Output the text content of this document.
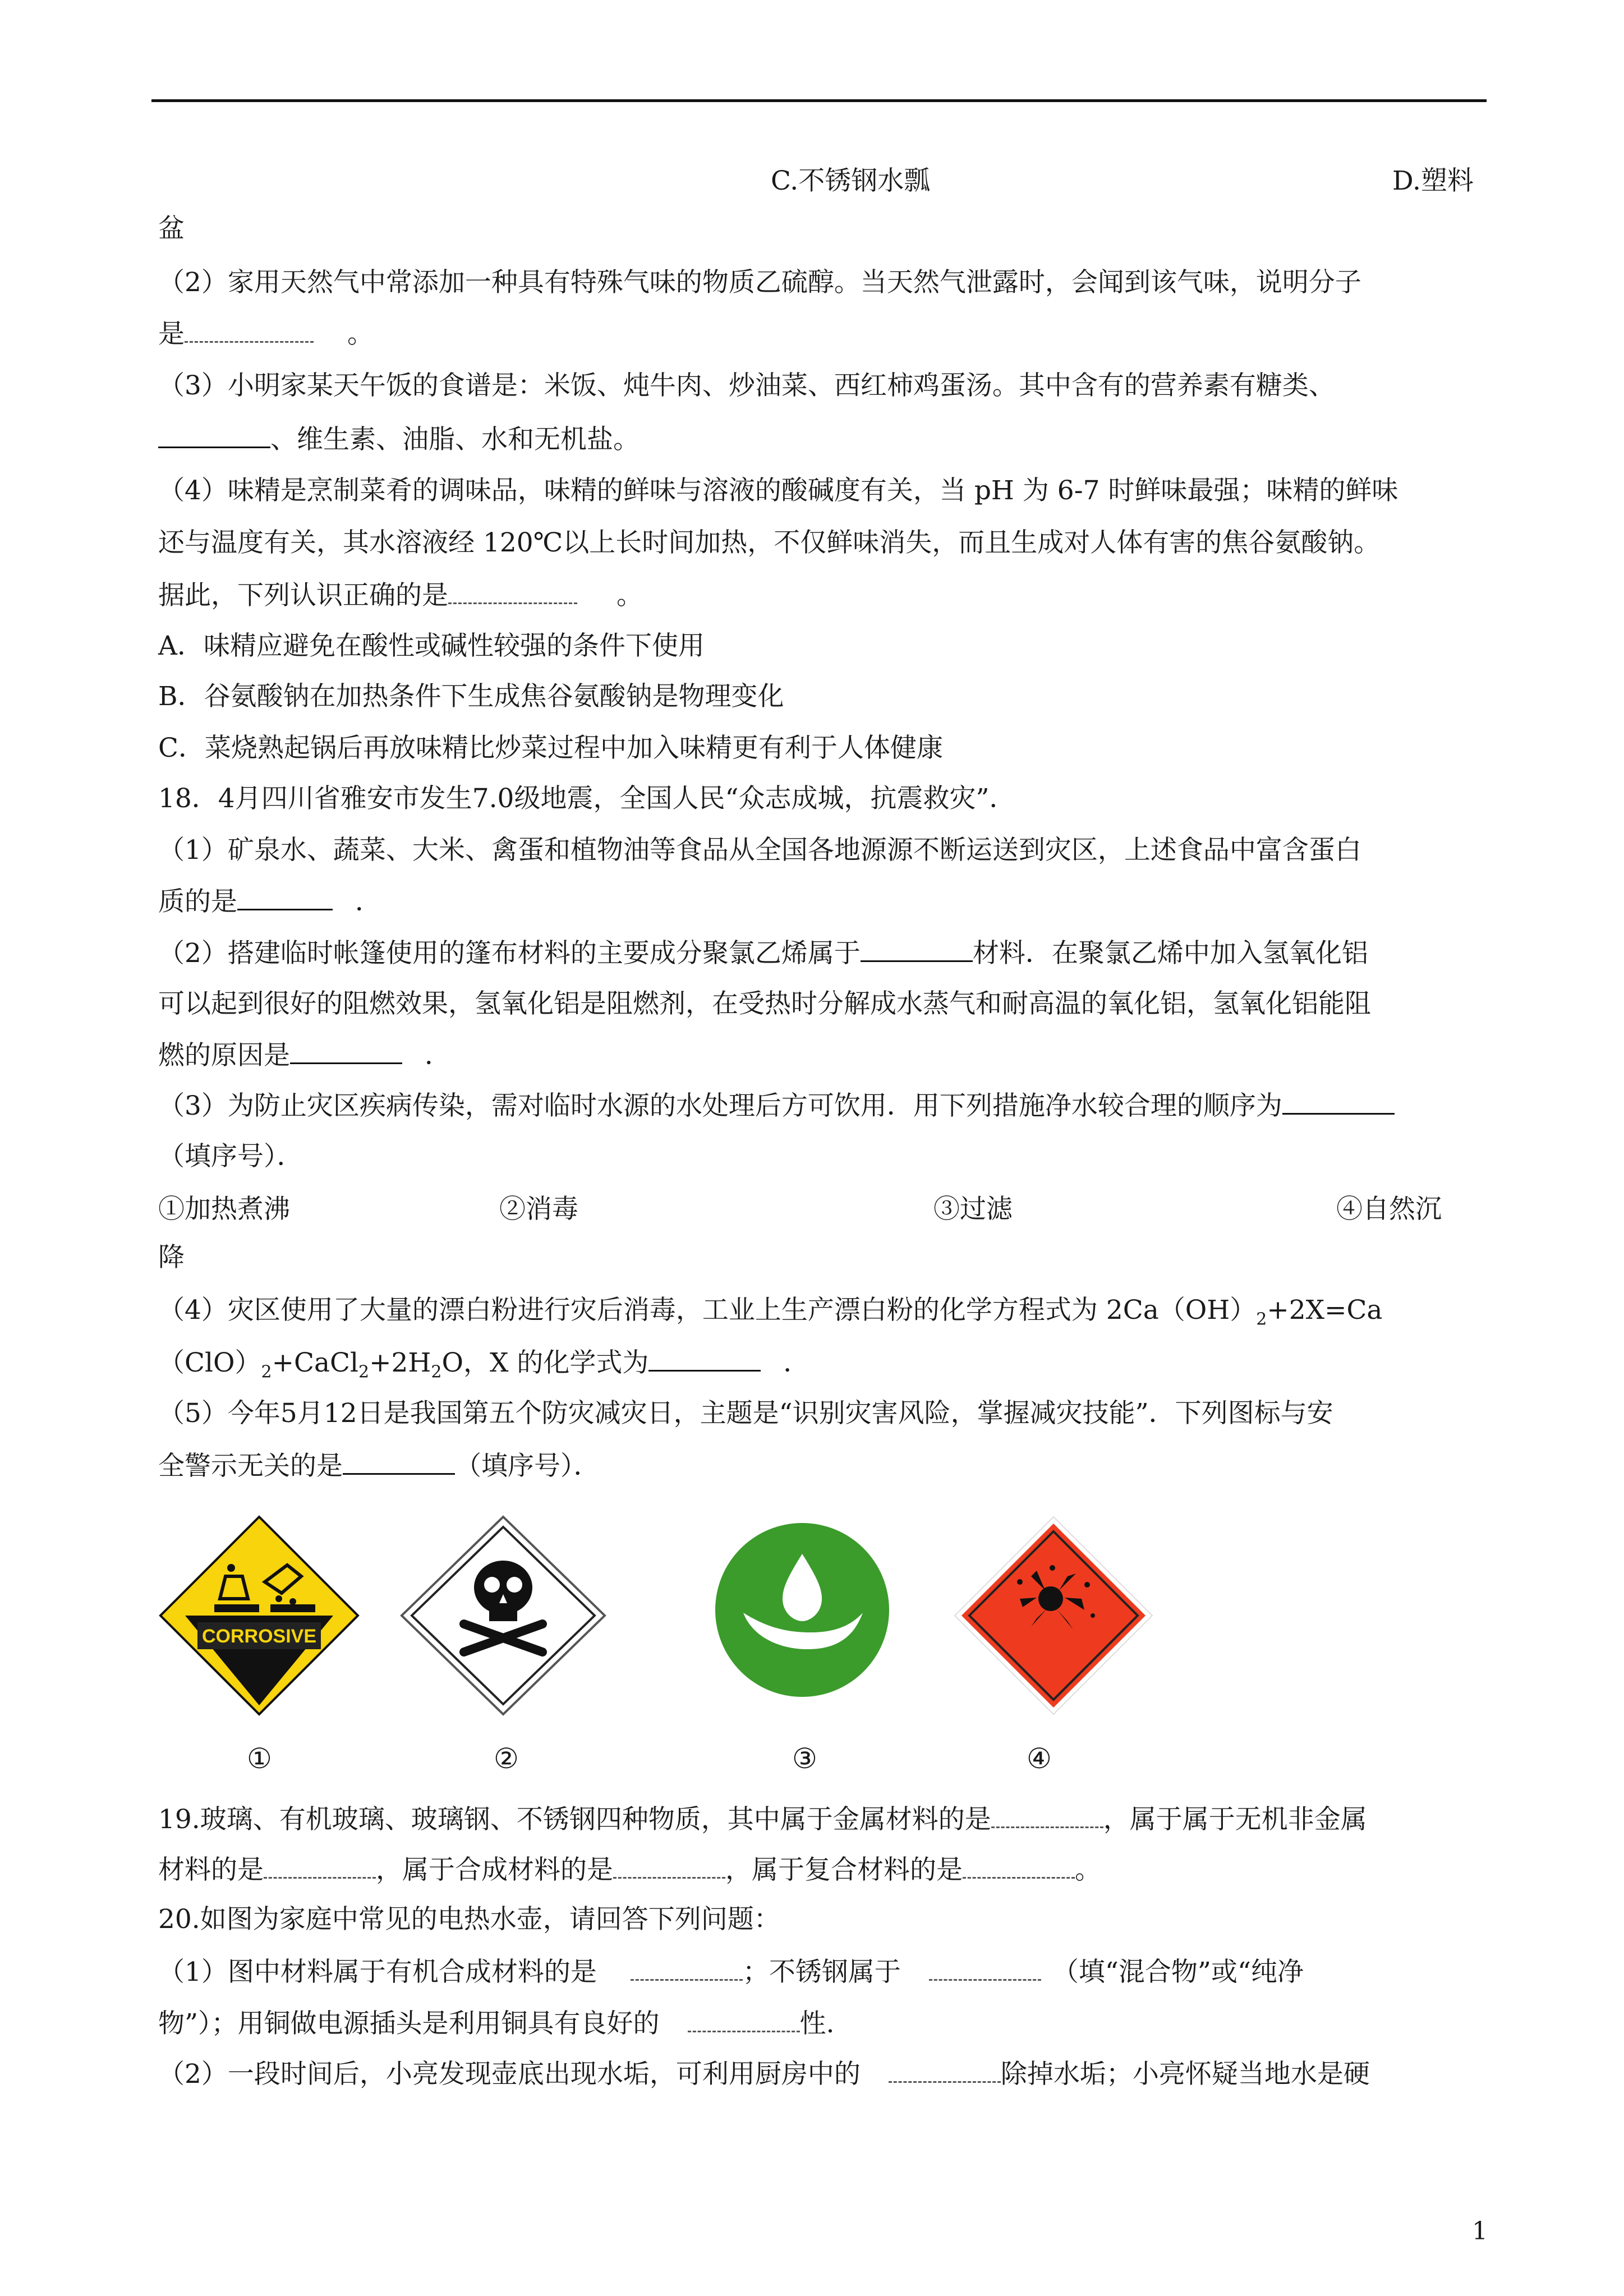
C.不锈钢水瓢	D.塑料
盆
（2）家用天然气中常添加一种具有特殊气味的物质乙硫醇。当天然气泄露时，会闻到该气味，说明分子
是	。
（3）小明家某天午饭的食谱是：米饭、炖牛肉、炒油菜、西红柿鸡蛋汤。其中含有的营养素有糖类、
、维生素、油脂、水和无机盐。
（4）味精是烹制菜肴的调味品，味精的鲜味与溶液的酸碱度有关，当 pH 为 6-7 时鲜味最强；味精的鲜味
还与温度有关，其水溶液经 120℃以上长时间加热，不仅鲜味消失，而且生成对人体有害的焦谷氨酸钠。
据此，下列认识正确的是	。
A．味精应避免在酸性或碱性较强的条件下使用
B．谷氨酸钠在加热条件下生成焦谷氨酸钠是物理变化
C．菜烧熟起锅后再放味精比炒菜过程中加入味精更有利于人体健康
18．4月四川省雅安市发生7.0级地震，全国人民“众志成城，抗震救灾”．
（1）矿泉水、蔬菜、大米、禽蛋和植物油等食品从全国各地源源不断运送到灾区，上述食品中富含蛋白
质的是	．
（2）搭建临时帐篷使用的篷布材料的主要成分聚氯乙烯属于	材料．在聚氯乙烯中加入氢氧化铝
可以起到很好的阻燃效果，氢氧化铝是阻燃剂，在受热时分解成水蒸气和耐高温的氧化铝，氢氧化铝能阻
燃的原因是	．
（3）为防止灾区疾病传染，需对临时水源的水处理后方可饮用．用下列措施净水较合理的顺序为
（填序号）．
①加热煮沸	②消毒	③过滤	④自然沉
降
（4）灾区使用了大量的漂白粉进行灾后消毒，工业上生产漂白粉的化学方程式为 $2Ca(OH)_2+2X=Ca$
$(ClO)_2+CaCl_2+2H_2O$，X 的化学式为	．
（5）今年5月12日是我国第五个防灾减灾日，主题是“识别灾害风险，掌握减灾技能”．下列图标与安
全警示无关的是	（填序号）．
CORROSIVE
①	②	③	④
19.玻璃、有机玻璃、玻璃钢、不锈钢四种物质，其中属于金属材料的是	，属于属于无机非金属
材料的是	，属于合成材料的是	，属于复合材料的是	。
20.如图为家庭中常见的电热水壶，请回答下列问题：
（1）图中材料属于有机合成材料的是	；不锈钢属于	（填“混合物”或“纯净
物”）；用铜做电源插头是利用铜具有良好的	性.
（2）一段时间后，小亮发现壶底出现水垢，可利用厨房中的	除掉水垢；小亮怀疑当地水是硬
1
